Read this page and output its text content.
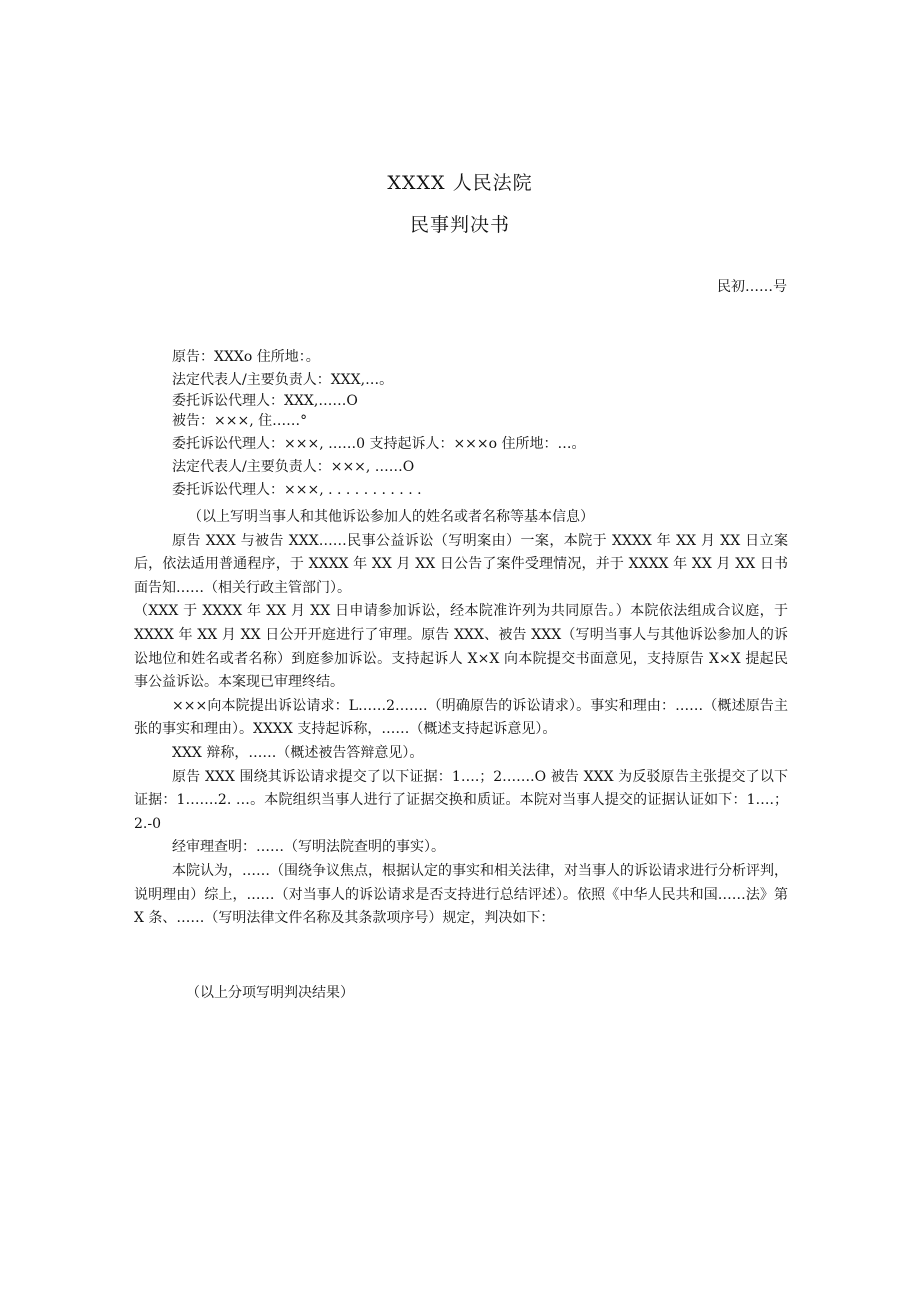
XXXX 人民法院
民事判决书
民初……号
原告：XXXo 住所地：。
法定代表人/主要负责人：XXX,…。
委托诉讼代理人：XXX,……O
被告：×××, 住……°
委托诉讼代理人：×××, ……0 支持起诉人：×××o 住所地：…。
法定代表人/主要负责人：×××, ……O
委托诉讼代理人：×××, . . . . . . . . . . .

（以上写明当事人和其他诉讼参加人的姓名或者名称等基本信息）

原告 XXX 与被告 XXX……民事公益诉讼（写明案由）一案，本院于 XXXX 年 XX 月 XX 日立案后，依法适用普通程序，于 XXXX 年 XX 月 XX 日公告了案件受理情况，并于 XXXX 年 XX 月 XX 日书面告知……（相关行政主管部门）。

（XXX 于 XXXX 年 XX 月 XX 日申请参加诉讼，经本院准许列为共同原告。）本院依法组成合议庭，于 XXXX 年 XX 月 XX 日公开开庭进行了审理。原告 XXX、被告 XXX（写明当事人与其他诉讼参加人的诉讼地位和姓名或者名称）到庭参加诉讼。支持起诉人 X×X 向本院提交书面意见，支持原告 X×X 提起民事公益诉讼。本案现已审理终结。

×××向本院提出诉讼请求：L……2…….（明确原告的诉讼请求）。事实和理由：……（概述原告主张的事实和理由）。XXXX 支持起诉称，……（概述支持起诉意见）。

XXX 辩称，……（概述被告答辩意见）。

原告 XXX 围绕其诉讼请求提交了以下证据：1….；2…….O 被告 XXX 为反驳原告主张提交了以下证据：1…….2. …。本院组织当事人进行了证据交换和质证。本院对当事人提交的证据认证如下：1….；2.-0

经审理查明：……（写明法院查明的事实）。

本院认为，……（围绕争议焦点，根据认定的事实和相关法律，对当事人的诉讼请求进行分析评判，说明理由）综上，……（对当事人的诉讼请求是否支持进行总结评述）。依照《中华人民共和国……法》第 X 条、……（写明法律文件名称及其条款项序号）规定，判决如下：

（以上分项写明判决结果）
